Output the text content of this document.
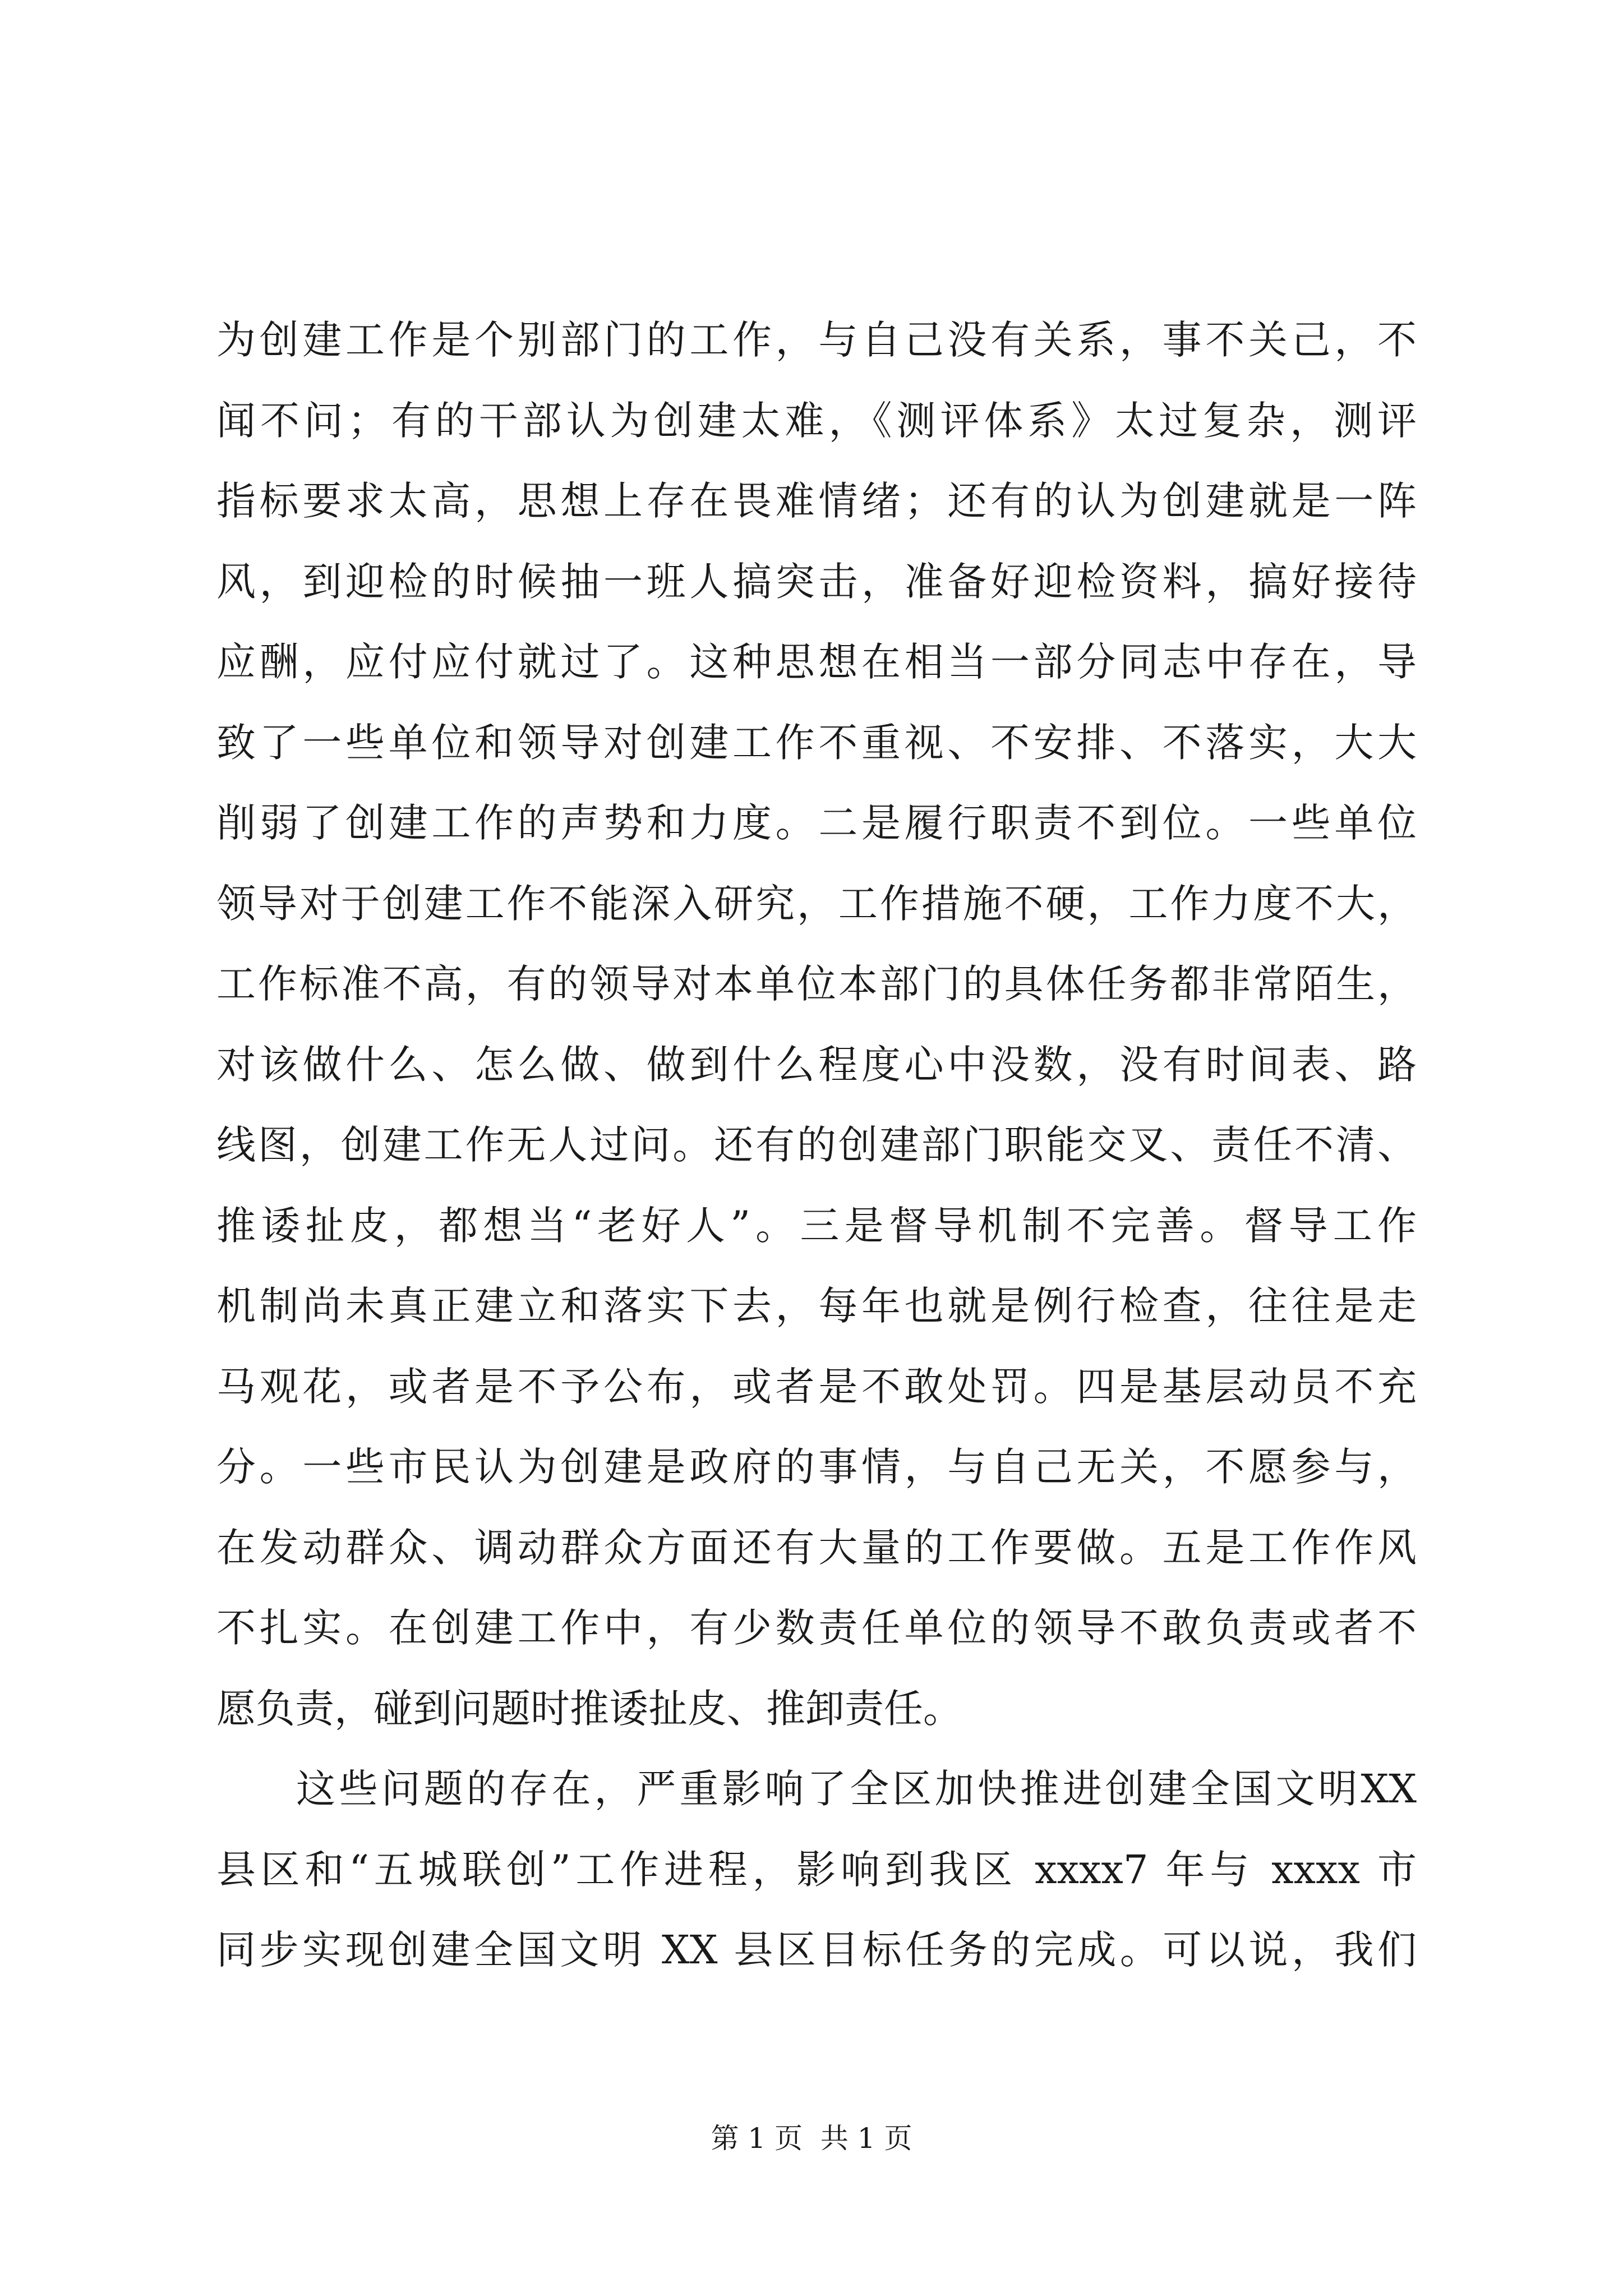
为创建工作是个别部门的工作，与自己没有关系，事不关己，不
闻不问；有的干部认为创建太难，《测评体系》太过复杂，测评
指标要求太高，思想上存在畏难情绪；还有的认为创建就是一阵
风，到迎检的时候抽一班人搞突击，准备好迎检资料，搞好接待
应酬，应付应付就过了。这种思想在相当一部分同志中存在，导
致了一些单位和领导对创建工作不重视、不安排、不落实，大大
削弱了创建工作的声势和力度。二是履行职责不到位。一些单位
领导对于创建工作不能深入研究，工作措施不硬，工作力度不大，
工作标准不高，有的领导对本单位本部门的具体任务都非常陌生，
对该做什么、怎么做、做到什么程度心中没数，没有时间表、路
线图，创建工作无人过问。还有的创建部门职能交叉、责任不清、
推诿扯皮，都想当“老好人”。三是督导机制不完善。督导工作
机制尚未真正建立和落实下去，每年也就是例行检查，往往是走
马观花，或者是不予公布，或者是不敢处罚。四是基层动员不充
分。一些市民认为创建是政府的事情，与自己无关，不愿参与，
在发动群众、调动群众方面还有大量的工作要做。五是工作作风
不扎实。在创建工作中，有少数责任单位的领导不敢负责或者不
愿负责，碰到问题时推诿扯皮、推卸责任。
这些问题的存在，严重影响了全区加快推进创建全国文明XX
县区和“五城联创”工作进程，影响到我区 xxxx7 年与 xxxx 市
同步实现创建全国文明 XX 县区目标任务的完成。可以说，我们
第 1 页  共 1 页
